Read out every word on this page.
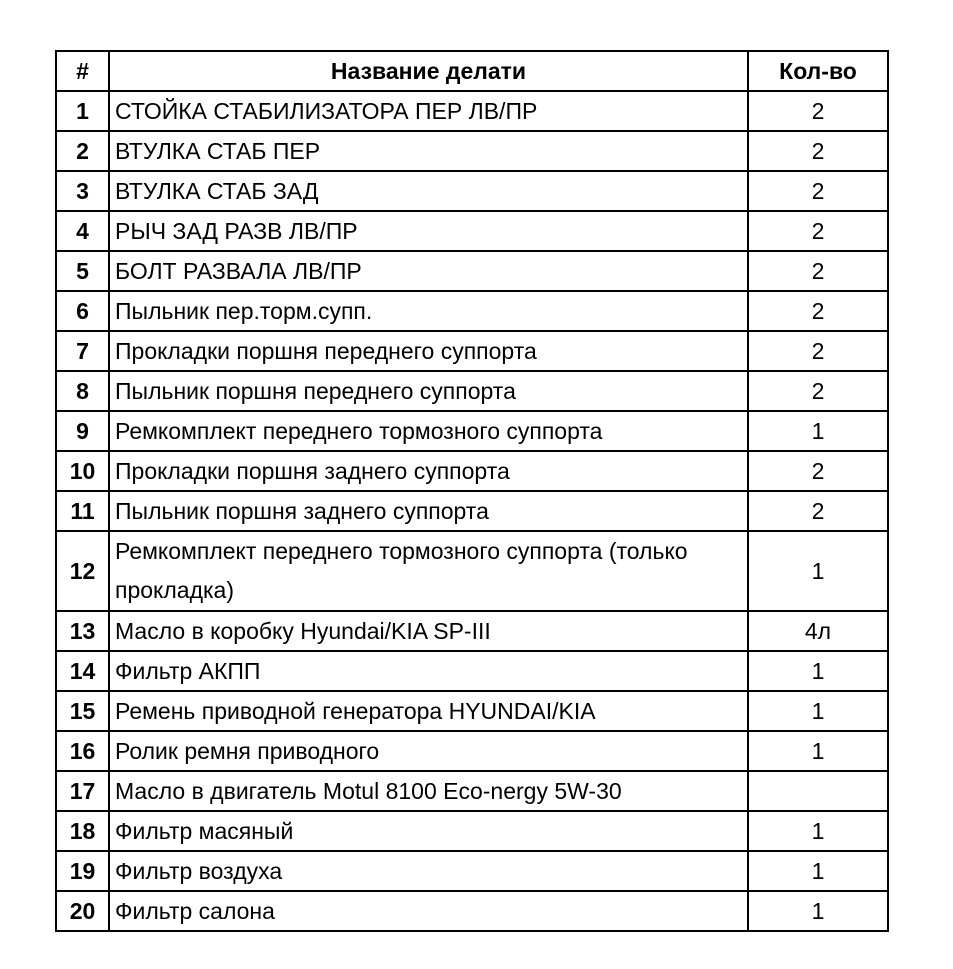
#	Название делати	Кол-во
1	СТОЙКА СТАБИЛИЗАТОРА ПЕР ЛВ/ПР	2
2	ВТУЛКА СТАБ ПЕР	2
3	ВТУЛКА СТАБ ЗАД	2
4	РЫЧ ЗАД РАЗВ ЛВ/ПР	2
5	БОЛТ РАЗВАЛА ЛВ/ПР	2
6	Пыльник пер.торм.супп.	2
7	Прокладки поршня переднего суппорта	2
8	Пыльник поршня переднего суппорта	2
9	Ремкомплект переднего тормозного суппорта	1
10	Прокладки поршня заднего суппорта	2
11	Пыльник поршня заднего суппорта	2
12	Ремкомплект переднего тормозного суппорта (только прокладка)	1
13	Масло в коробку Hyundai/KIA SP-III	4л
14	Фильтр АКПП	1
15	Ремень приводной генератора HYUNDAI/KIA	1
16	Ролик ремня приводного	1
17	Масло в двигатель Motul 8100 Eco-nergy 5W-30	
18	Фильтр масяный	1
19	Фильтр воздуха	1
20	Фильтр салона	1
